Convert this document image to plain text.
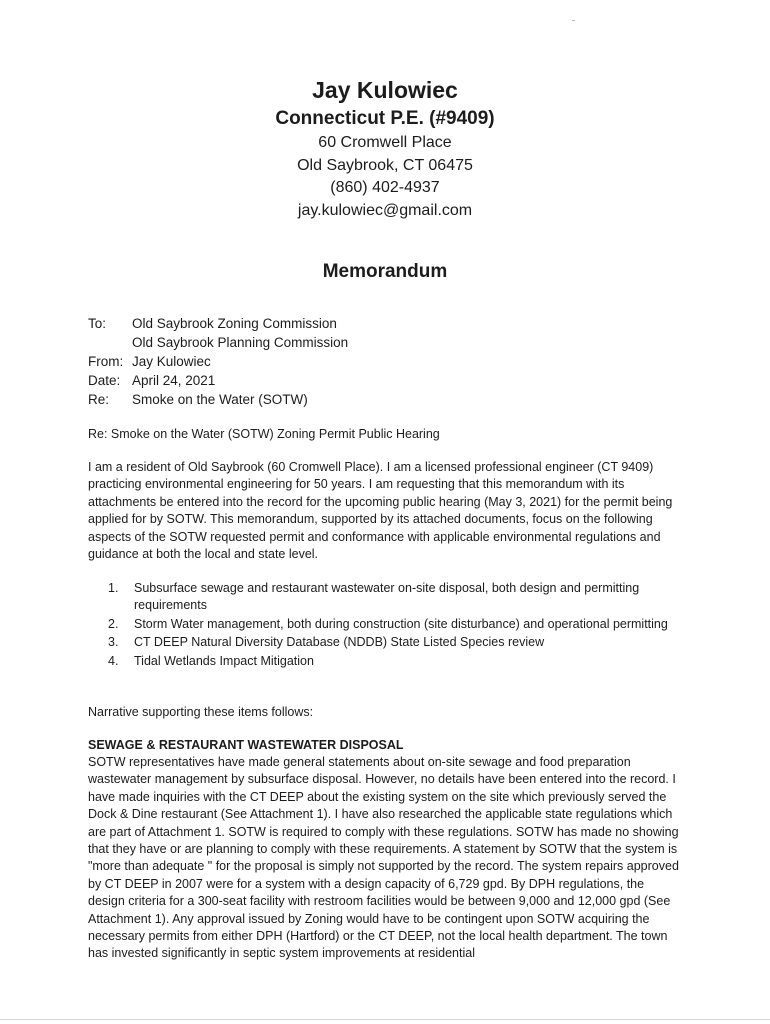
Jay Kulowiec
Connecticut P.E. (#9409)
60 Cromwell Place
Old Saybrook, CT 06475
(860) 402-4937
jay.kulowiec@gmail.com
Memorandum
To:	Old Saybrook Zoning Commission
Old Saybrook Planning Commission
From: Jay Kulowiec
Date: April 24, 2021
Re:	Smoke on the Water (SOTW)
Re: Smoke on the Water (SOTW) Zoning Permit Public Hearing
I am a resident of Old Saybrook (60 Cromwell Place). I am a licensed professional engineer (CT 9409) practicing environmental engineering for 50 years. I am requesting that this memorandum with its attachments be entered into the record for the upcoming public hearing (May 3, 2021) for the permit being applied for by SOTW. This memorandum, supported by its attached documents, focus on the following aspects of the SOTW requested permit and conformance with applicable environmental regulations and guidance at both the local and state level.
1.	Subsurface sewage and restaurant wastewater on-site disposal, both design and permitting requirements
2.	Storm Water management, both during construction (site disturbance) and operational permitting
3.	CT DEEP Natural Diversity Database (NDDB) State Listed Species review
4.	Tidal Wetlands Impact Mitigation
Narrative supporting these items follows:
SEWAGE & RESTAURANT WASTEWATER DISPOSAL
SOTW representatives have made general statements about on-site sewage and food preparation wastewater management by subsurface disposal. However, no details have been entered into the record. I have made inquiries with the CT DEEP about the existing system on the site which previously served the Dock & Dine restaurant (See Attachment 1). I have also researched the applicable state regulations which are part of Attachment 1. SOTW is required to comply with these regulations. SOTW has made no showing that they have or are planning to comply with these requirements. A statement by SOTW that the system is "more than adequate " for the proposal is simply not supported by the record. The system repairs approved by CT DEEP in 2007 were for a system with a design capacity of 6,729 gpd. By DPH regulations, the design criteria for a 300-seat facility with restroom facilities would be between 9,000 and 12,000 gpd (See Attachment 1). Any approval issued by Zoning would have to be contingent upon SOTW acquiring the necessary permits from either DPH (Hartford) or the CT DEEP, not the local health department. The town has invested significantly in septic system improvements at residential
